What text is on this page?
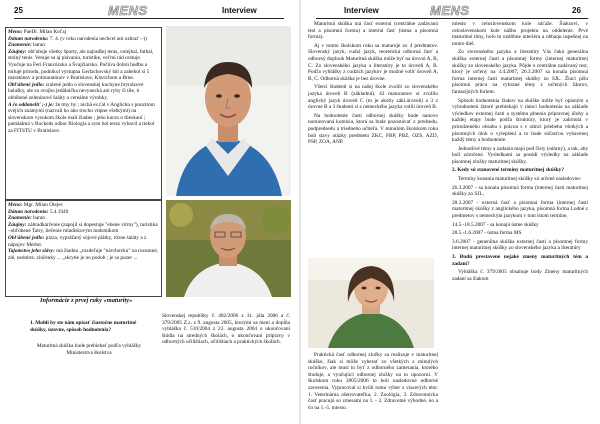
25	MENS	Interview
Meno: PaeDr. Milan Kol'aj
Dátum narodenia: 7. 4. (v roku narodenia nechcel ani ozbrat' :-))
Znamenie: baran
Záujmy: obl'ubuje všetky športy, ale najradšej tenis, volejbal, futbal, stolný tenis. Venuje sa aj plávaniu, turistike, vel'mi rád cestuje. Vyučuje na Feri Francúzsko a Švajčiarsko. Počúva dobrú hudbu a milujé prírodu, podnikol výstupna Gerlachovský štít a zabehol si 5 maratónov a polmaratónov v Bratislave, Klorichom a Brne.
Obl'úbené jedlo: zralené jedlo o slovenskej kuchyne bryndzové halušky, ale zo svojho jedálnička nevynechá ani ryby či tile, ti oblúbené zeleninové šaláty a cereálne výrobky.
A čo oddaneliť ;-) je: že tmy by ; nichá ev.ťal v Anglicku s ponzitom svejích známymi (nazvali ho ako trochu vtipne všetkými) na slovenskom vysokom škole mali žiadne ; jeho kurzo o tlieskaní ; pamätámá v Rockeds odbor Biologia a sym bol teraz vybavil a tiekol za FITSTU v Bratislave.
Meno: Mgr. Milan Olejec
Dátum narodenia: 5.4.1940
Znamenie: baran
Záujmy: záhradkárčenie (zapojil si dopestuje "ebene vírmy"), turistika –obľúbené Tatry, liečenie mladískovým hudsmikom
Obl'úbené jedlo: pizza, vyprážaný sójové plátky, rôzne šaláty a z nápojov Merlot.
Tajomstvo jeho slávy: má žiadnu „rozdeľuje "návrhovku" na rozumné, zlé, nedobre, zlúčenky ... „skrytie je no podob ; je sa pozer ...
Informácie z prvej ruky «maturity»
1. Mohli by ste nám opísať čiastočne maturitné skúšky, úzovne, spôsob hodnotenia?
Maturitná skúška bude prebiehať podľa vyhlášky Ministerstva školstva

Slovenskej republiky č. 482/2006 z 31. júla 2006 a č. 379/2005 Z.z. z 9. augusta 2005, ktorými sa mení a dopĺňa vyhláška č. 510/2004 z 23. augusta 2004 o ukončovaní štúdia na stredných školách, o ukončovaní prípravy v odborných učilištiach, učilištiach a praktických školách.

Interview	MENS	26

Maturitná skúška má časť externú (centrálne zadávanú test a písomnú formu) a internú časť (ústna a písomná forma).

Aj v tomto školskom roku sa maturuje zo 4 predmetov. Slovenský jazyk, cudzí jazyk, teoretická odborná časť a odborný doplnok Maturitná skúška môže byť na úrovni A, B, C. Zo slovenského jazyka a literatúry je to úroveň A, B. Podľa vyhlášky z cudzích jazykov je možné voliť úroveň A, B, C. Odborná skúška je bez úrovne.

Všetci študenti si na našej škole zvolili zo slovenského jazyka úroveň B (základnú). 43 maturantov si zvolilo anglický jazyk úroveň C (to je akoby zákl.úroveň) a 3 z úrovne B a 3 študenti si z nemeckého jazyka volili úroveň B.

Na hodnotenie časti odbornej skúšky bude nanovo nominovaná komisia, ktorá sa bude pozostávať z predsedu, podpredsedu a triedneho učiteľa. V minulom školskom roku boli stavy otázky predmetu ZKC, FBP, PBZ, OZS, AZD, PSP, ZOA, ANP.

Praktická časť odbornej zložky sa realizuje v maturitnej skúške, žiak si môže vyberať zo všetkých z minulých ročníkov, ale musí to byť z odborného zamerania, ktorého študuje, a vyučujúci odbornej zložky na to upozorní. V školskom roku 2005/2006 to boli nasledovné odborné zaverenia. Vypracoval si kvôli tomu výber z viacerých tém: 1. Veterinárna ošetrovateľka, 2. Zoológia, 3. Zdravotnícka časť pracujú so zmesami na 1. - 3. Zdravotné výhodné, no a čo na 1.-5. miesto.

miesto v celoslovenskom kole súťaže. Šiaksovi, v celoslovenskom kole nášho projektu na oddelenie. Prvé maturitné tímy, bolo to ozdôbne interiéru a obbaqu uspešnej na tomto diel.

Zo slovenského jazyka a literatúry Vás čaká generálna skúška externej časti a písomnej formy (internej maturitnej skúšky zo slovenského jazyka. Pôjde o centrálne zadávaný test, ktorý je určený na 3.4.2007, 26.3.2007 sa konala písomná forma internej časti maturitnej skúšky zo SJL. Žiaci píšu písomnú prácu na vybrané témy z určených žánrov, fantazijných foriem.

Spôsob hodnotenia žiakov na skúške môže byť opisným a vyhodnotení (ktoré prebiehajú v rámci hodnotenia na základe výsledkov externej časti a systému plnenia prípravnej úlohy a každej etapy bude podľa štruktúry, ktorý je zahrnutá v prirodzeného obsahu s prácou s v rámci priebehu všetkých a písomných úloh o vylepšení a to bude súčasťou vybavenej každý témy a hodnotenie.

Jednotlivé témy a zadania majú pod čísly (súhrny), a tak, aby boli zúročené. Vysledkami sa posúdi výsledky na základe písomnej zložky maturitnej skúšky.

2. Kedy sú stanovené termíny maturitnej skúšky?

Termíny konania maturitnej skúšky sú určené nasledovne:

26.3.2007 - sa konala písomná forma (internej časti maturitnej skúšky zo SJL,

28.3.2007 - externá časť a písomná forma (internej časti maturitnej skúšky z anglického jazyka, písomná forma Lodné z predmetov s nemeckým jazykom v tom istom termíne,

14.5.-18.5.2007 - sa konajú ústne skúšky

28.5.-1.6.2007 - ústna forma MS

3.6.2007 - generálna skúška externej časti a písomnej formy internej maturitnej skúšky zo slovenského jazyka a literatúry

3. Budú prestavené nejaké zmeny maturitných tém a zadaní?

Vyhláška č. 379/2005 obsahuje body Zmeny maturitných zadaní sa žiakom
